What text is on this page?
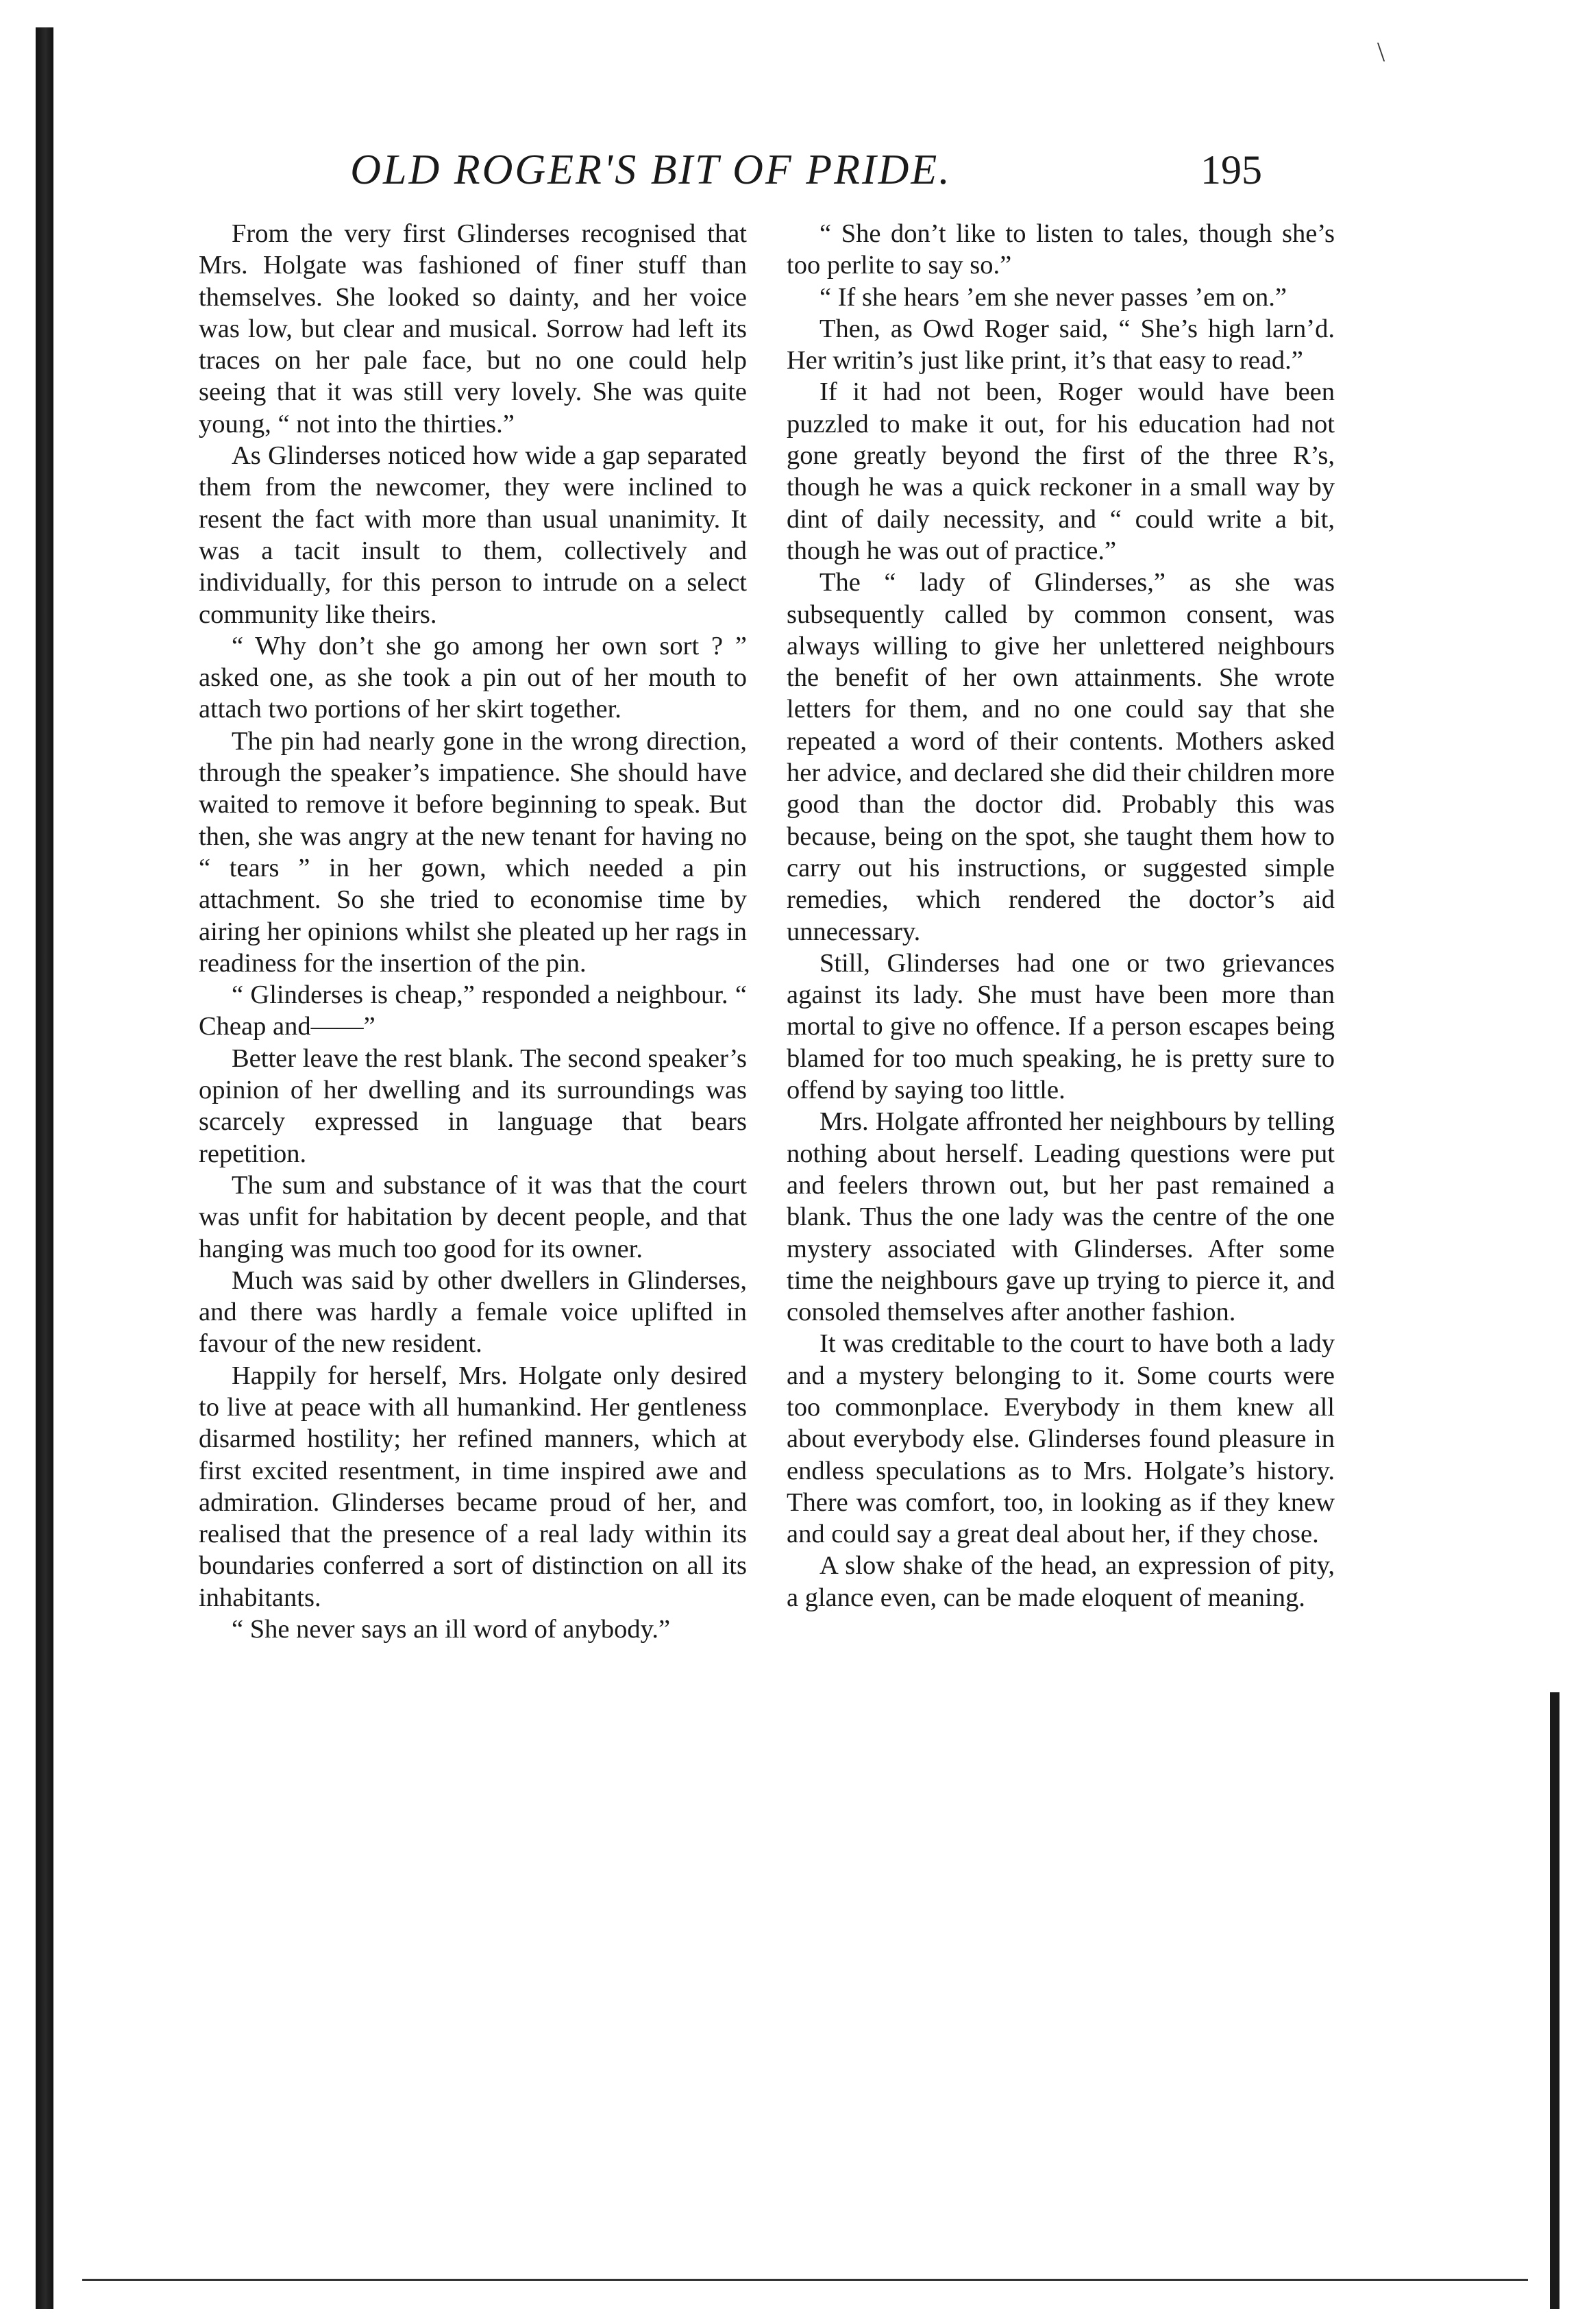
\
OLD ROGER'S BIT OF PRIDE.	195

From the very first Glinderses recognised that Mrs. Holgate was fashioned of finer stuff than themselves. She looked so dainty, and her voice was low, but clear and musical. Sorrow had left its traces on her pale face, but no one could help seeing that it was still very lovely. She was quite young, “ not into the thirties.”

As Glinderses noticed how wide a gap separated them from the newcomer, they were inclined to resent the fact with more than usual unanimity. It was a tacit insult to them, collectively and individually, for this person to intrude on a select community like theirs.

“ Why don’t she go among her own sort ? ” asked one, as she took a pin out of her mouth to attach two portions of her skirt together.

The pin had nearly gone in the wrong direction, through the speaker’s impatience. She should have waited to remove it before beginning to speak. But then, she was angry at the new tenant for having no “ tears ” in her gown, which needed a pin attachment. So she tried to economise time by airing her opinions whilst she pleated up her rags in readiness for the insertion of the pin.

“ Glinderses is cheap,” responded a neighbour. “ Cheap and——”

Better leave the rest blank. The second speaker’s opinion of her dwelling and its surroundings was scarcely expressed in language that bears repetition.

The sum and substance of it was that the court was unfit for habitation by decent people, and that hanging was much too good for its owner.

Much was said by other dwellers in Glinderses, and there was hardly a female voice uplifted in favour of the new resident.

Happily for herself, Mrs. Holgate only desired to live at peace with all humankind. Her gentleness disarmed hostility; her refined manners, which at first excited resentment, in time inspired awe and admiration. Glinderses became proud of her, and realised that the presence of a real lady within its boundaries conferred a sort of distinction on all its inhabitants.

“ She never says an ill word of anybody.”

“ She don’t like to listen to tales, though she’s too perlite to say so.”

“ If she hears ’em she never passes ’em on.”

Then, as Owd Roger said, “ She’s high larn’d. Her writin’s just like print, it’s that easy to read.”

If it had not been, Roger would have been puzzled to make it out, for his education had not gone greatly beyond the first of the three R’s, though he was a quick reckoner in a small way by dint of daily necessity, and “ could write a bit, though he was out of practice.”

The “ lady of Glinderses,” as she was subsequently called by common consent, was always willing to give her unlettered neighbours the benefit of her own attainments. She wrote letters for them, and no one could say that she repeated a word of their contents. Mothers asked her advice, and declared she did their children more good than the doctor did. Probably this was because, being on the spot, she taught them how to carry out his instructions, or suggested simple remedies, which rendered the doctor’s aid unnecessary.

Still, Glinderses had one or two grievances against its lady. She must have been more than mortal to give no offence. If a person escapes being blamed for too much speaking, he is pretty sure to offend by saying too little.

Mrs. Holgate affronted her neighbours by telling nothing about herself. Leading questions were put and feelers thrown out, but her past remained a blank. Thus the one lady was the centre of the one mystery associated with Glinderses. After some time the neighbours gave up trying to pierce it, and consoled themselves after another fashion.

It was creditable to the court to have both a lady and a mystery belonging to it. Some courts were too commonplace. Everybody in them knew all about everybody else. Glinderses found pleasure in endless speculations as to Mrs. Holgate’s history. There was comfort, too, in looking as if they knew and could say a great deal about her, if they chose.

A slow shake of the head, an expression of pity, a glance even, can be made eloquent of meaning.
